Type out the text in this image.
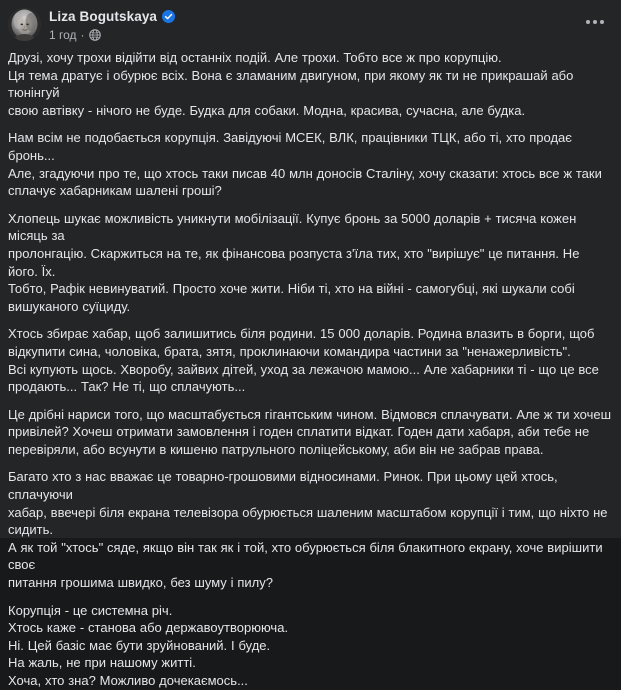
Liza Bogutskaya
1 год ·

Друзі, хочу трохи відійти від останніх подій. Але трохи. Тобто все ж про корупцію.
Ця тема дратує і обурює всіх. Вона є зламаним двигуном, при якому як ти не прикрашай або тюнінгуй
свою автівку - нічого не буде. Будка для собаки. Модна, красива, сучасна, але будка.

Нам всім не подобається корупція. Завідуючі МСЕК, ВЛК, працівники ТЦК, або ті, хто продає бронь...
Але, згадуючи про те, що хтось таки писав 40 млн доносів Сталіну, хочу сказати: хтось все ж таки
сплачує хабарникам шалені гроші?

Хлопець шукає можливість уникнути мобілізації. Купує бронь за 5000 доларів + тисяча кожен місяць за
пролонгацію. Скаржиться на те, як фінансова розпуста з'їла тих, хто "вирішує" це питання. Не його. Їх.
Тобто, Рафік невинуватий. Просто хоче жити. Ніби ті, хто на війні - самогубці, які шукали собі
вишуканого суїциду.

Хтось збирає хабар, щоб залишитись біля родини. 15 000 доларів. Родина влазить в борги, щоб
відкупити сина, чоловіка, брата, зятя, проклинаючи командира частини за "ненажерливість".
Всі купують щось. Хворобу, зайвих дітей, уход за лежачою мамою... Але хабарники ті - що це все
продають... Так? Не ті, що сплачують...

Це дрібні нариси того, що масштабується гігантським чином. Відмовся сплачувати. Але ж ти хочеш
привілей? Хочеш отримати замовлення і годен сплатити відкат. Годен дати хабаря, аби тебе не
перевіряли, або всунути в кишеню патрульного поліцейському, аби він не забрав права.

Багато хто з нас вважає це товарно-грошовими відносинами. Ринок. При цьому цей хтось, сплачуючи
хабар, ввечері біля екрана телевізора обурюється шаленим масштабом корупції і тим, що ніхто не
сидить.
А як той "хтось" сяде, якщо він так як і той, хто обурюється біля блакитного екрану, хоче вирішити своє
питання грошима швидко, без шуму і пилу?

Корупція - це системна річ.
Хтось каже - станова або державоутворююча.
Ні. Цей базіс має бути зруйнований. І буде.
На жаль, не при нашому житті.
Хоча, хто зна? Можливо дочекаємось...
